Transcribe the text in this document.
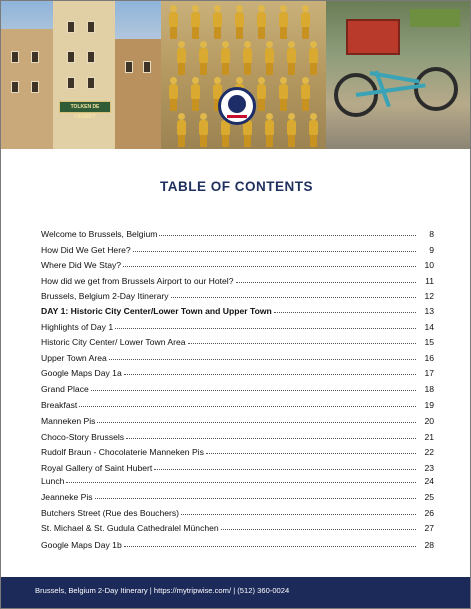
TOLKEN DE LIEBERT
TABLE OF CONTENTS
Welcome to Brussels, Belgium	8
How Did We Get Here?	9
Where Did We Stay?	10
How did we get from Brussels Airport to our Hotel?	11
Brussels, Belgium 2-Day Itinerary	12
DAY 1: Historic City Center/Lower Town and Upper Town	13
Highlights of Day 1	14
Historic City Center/ Lower Town Area	15
Upper Town Area	16
Google Maps Day 1a	17
Grand Place	18
Breakfast	19
Manneken Pis	20
Choco-Story Brussels	21
Rudolf Braun - Chocolaterie Manneken Pis	22
Royal Gallery of Saint Hubert	23
Lunch	24
Jeanneke Pis	25
Butchers Street (Rue des Bouchers)	26
St. Michael & St. Gudula Cathedralel München	27
Google Maps Day 1b	28
Brussels, Belgium 2-Day Itinerary | https://mytripwise.com/ | (512) 360-0024
